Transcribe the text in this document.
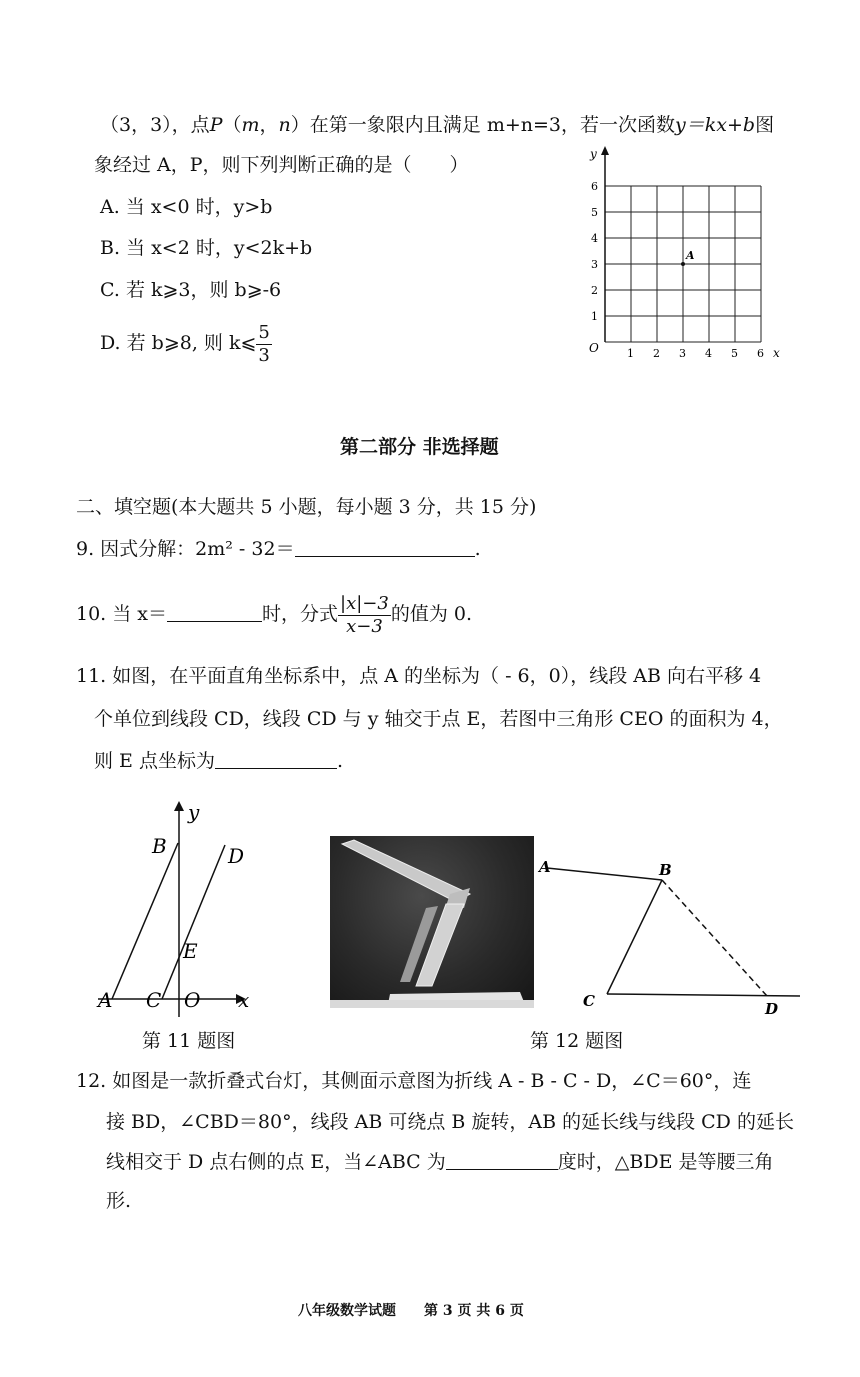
（3，3），点P（m，n）在第一象限内且满足 m+n=3，若一次函数y＝kx+b图
象经过 A，P，则下列判断正确的是（　　）
A. 当 x<0 时，y>b
B. 当 x<2 时，y<2k+b
C. 若 k⩾3，则 b⩾-6
D. 若 b⩾8, 则 k⩽ $\frac{5}{3}$
y
x
O	1 2 3 4 5 6
1
2
3
4
5
6
A
第二部分 非选择题
二、填空题(本大题共 5 小题，每小题 3 分，共 15 分)
9. 因式分解：2m² - 32＝	.
10. 当 x＝	时，分式 $\frac{|x|-3}{x-3}$ 的值为 0.
11. 如图，在平面直角坐标系中，点 A 的坐标为（ - 6，0），线段 AB 向右平移 4
个单位到线段 CD，线段 CD 与 y 轴交于点 E，若图中三角形 CEO 的面积为 4，
则 E 点坐标为	.
y
x
B	D
E
A C O
第 11 题图
A	B
C	D
第 12 题图
12. 如图是一款折叠式台灯，其侧面示意图为折线 A - B - C - D，∠C＝60°，连
接 BD，∠CBD＝80°，线段 AB 可绕点 B 旋转，AB 的延长线与线段 CD 的延长
线相交于 D 点右侧的点 E，当∠ABC 为	度时，△BDE 是等腰三角
形.
八年级数学试题　　第 3 页 共 6 页
